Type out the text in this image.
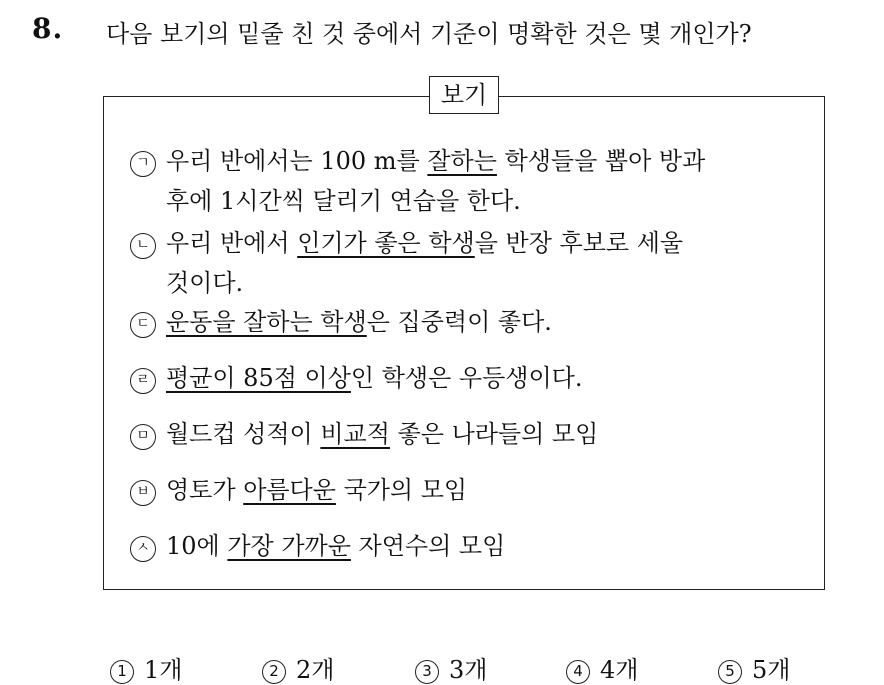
8. 다음 보기의 밑줄 친 것 중에서 기준이 명확한 것은 몇 개인가?
보기
ㄱ 우리 반에서는 100 m를 잘하는 학생들을 뽑아 방과
후에 1시간씩 달리기 연습을 한다.
ㄴ 우리 반에서 인기가 좋은 학생을 반장 후보로 세울
것이다.
ㄷ 운동을 잘하는 학생은 집중력이 좋다.
ㄹ 평균이 85점 이상인 학생은 우등생이다.
ㅁ 월드컵 성적이 비교적 좋은 나라들의 모임
ㅂ 영토가 아름다운 국가의 모임
ㅅ 10에 가장 가까운 자연수의 모임
1 1개	2 2개	3 3개	4 4개	5 5개
